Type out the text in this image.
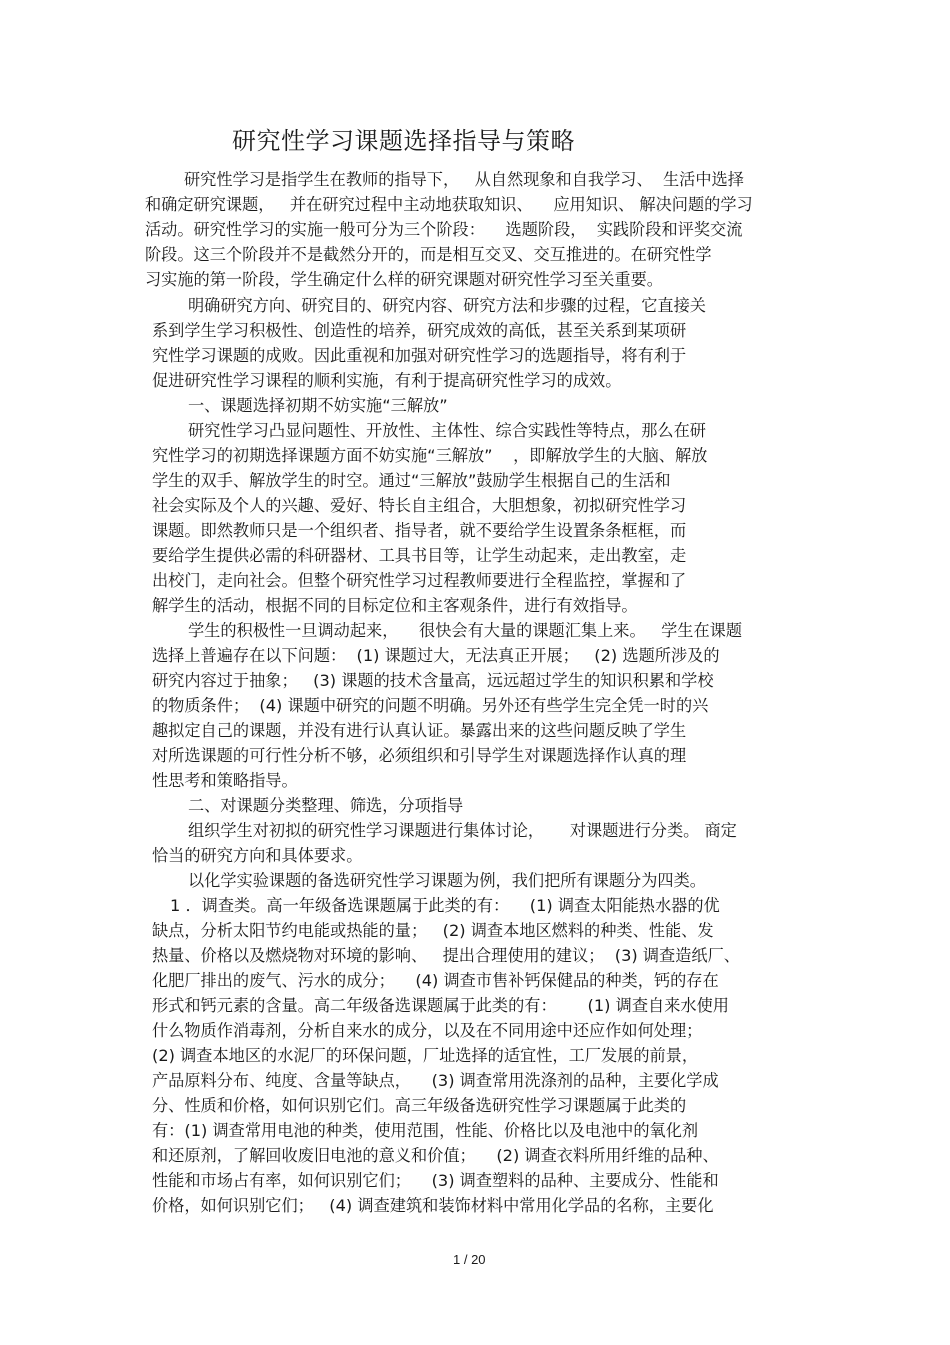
研究性学习课题选择指导与策略
研究性学习是指学生在教师的指导下，   从自然现象和自我学习、  生活中选择
和确定研究课题，   并在研究过程中主动地获取知识、    应用知识、 解决问题的学习
活动。研究性学习的实施一般可分为三个阶段：    选题阶段，  实践阶段和评奖交流
阶段。这三个阶段并不是截然分开的，而是相互交叉、交互推进的。在研究性学
习实施的第一阶段，学生确定什么样的研究课题对研究性学习至关重要。
明确研究方向、研究目的、研究内容、研究方法和步骤的过程，它直接关
系到学生学习积极性、创造性的培养，研究成效的高低，甚至关系到某项研
究性学习课题的成败。因此重视和加强对研究性学习的选题指导，将有利于
促进研究性学习课程的顺利实施，有利于提高研究性学习的成效。
一、课题选择初期不妨实施“三解放”
研究性学习凸显问题性、开放性、主体性、综合实践性等特点，那么在研
究性学习的初期选择课题方面不妨实施“三解放”    ，即解放学生的大脑、解放
学生的双手、解放学生的时空。通过“三解放”鼓励学生根据自己的生活和
社会实际及个人的兴趣、爱好、特长自主组合，大胆想象，初拟研究性学习
课题。即然教师只是一个组织者、指导者，就不要给学生设置条条框框，而
要给学生提供必需的科研器材、工具书目等，让学生动起来，走出教室，走
出校门，走向社会。但整个研究性学习过程教师要进行全程监控，掌握和了
解学生的活动，根据不同的目标定位和主客观条件，进行有效指导。
学生的积极性一旦调动起来，    很快会有大量的课题汇集上来。   学生在课题
选择上普遍存在以下问题：  (1) 课题过大，无法真正开展；   (2) 选题所涉及的
研究内容过于抽象；   (3) 课题的技术含量高，远远超过学生的知识积累和学校
的物质条件；  (4) 课题中研究的问题不明确。另外还有些学生完全凭一时的兴
趣拟定自己的课题，并没有进行认真认证。暴露出来的这些问题反映了学生
对所选课题的可行性分析不够，必须组织和引导学生对课题选择作认真的理
性思考和策略指导。
二、对课题分类整理、筛选，分项指导
组织学生对初拟的研究性学习课题进行集体讨论，     对课题进行分类。 商定
恰当的研究方向和具体要求。
以化学实验课题的备选研究性学习课题为例，我们把所有课题分为四类。
1 ．调查类。高一年级备选课题属于此类的有：    (1) 调查太阳能热水器的优
缺点，分析太阳节约电能或热能的量；   (2) 调查本地区燃料的种类、性能、发
热量、价格以及燃烧物对环境的影响、   提出合理使用的建议；  (3) 调查造纸厂、
化肥厂排出的废气、污水的成分；    (4) 调查市售补钙保健品的种类，钙的存在
形式和钙元素的含量。高二年级备选课题属于此类的有：      (1) 调查自来水使用
什么物质作消毒剂，分析自来水的成分，以及在不同用途中还应作如何处理；
(2) 调查本地区的水泥厂的环保问题，厂址选择的适宜性，工厂发展的前景，
产品原料分布、纯度、含量等缺点，    (3) 调查常用洗涤剂的品种，主要化学成
分、性质和价格，如何识别它们。高三年级备选研究性学习课题属于此类的
有：(1) 调查常用电池的种类，使用范围，性能、价格比以及电池中的氧化剂
和还原剂，了解回收废旧电池的意义和价值；    (2) 调查衣料所用纤维的品种、
性能和市场占有率，如何识别它们；    (3) 调查塑料的品种、主要成分、性能和
价格，如何识别它们；   (4) 调查建筑和装饰材料中常用化学品的名称，主要化
1 / 20
